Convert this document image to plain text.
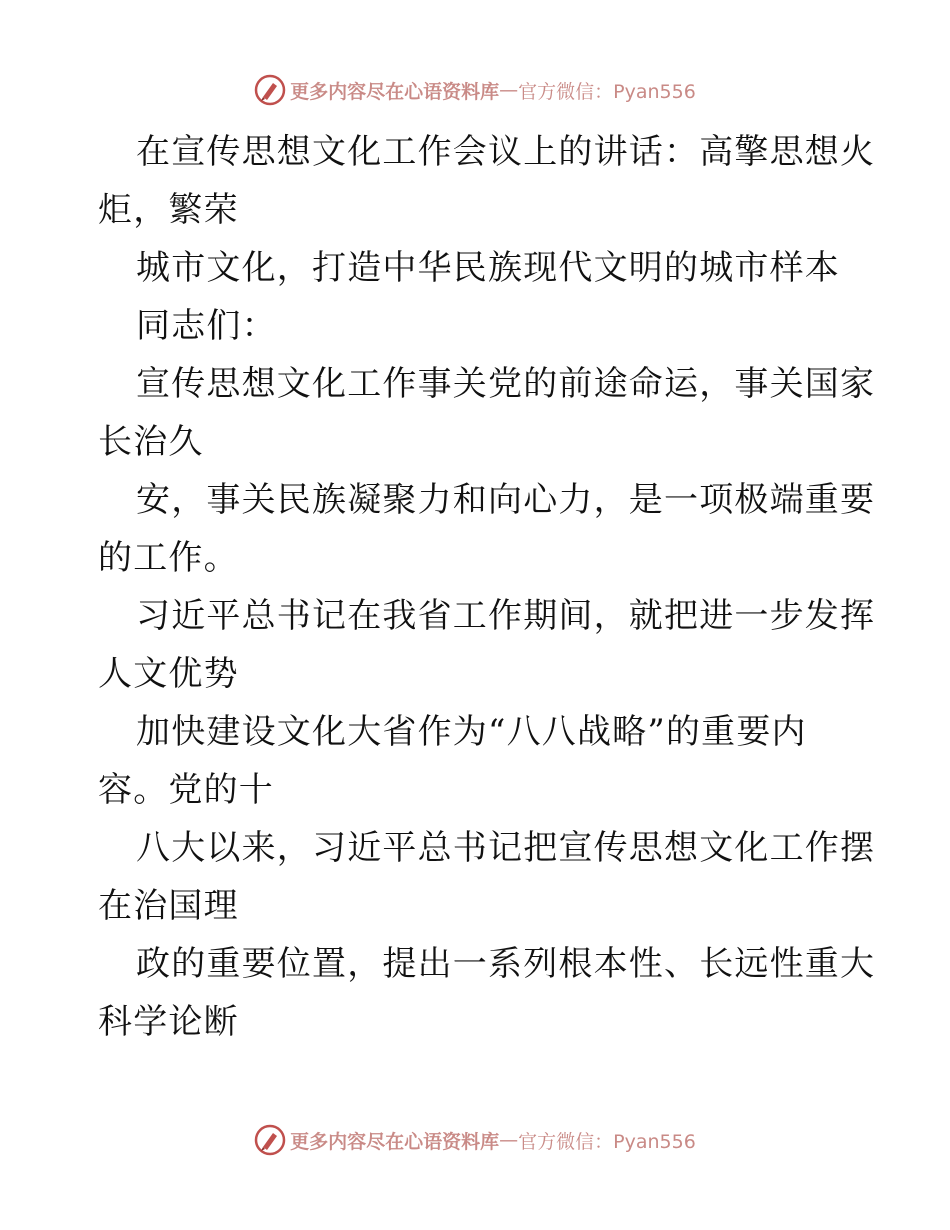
更多内容尽在心语资料库 — 官方微信：Pyan556
在宣传思想文化工作会议上的讲话：高擎思想火
炬，繁荣
城市文化，打造中华民族现代文明的城市样本
同志们：
宣传思想文化工作事关党的前途命运，事关国家
长治久
安，事关民族凝聚力和向心力，是一项极端重要
的工作。
习近平总书记在我省工作期间，就把进一步发挥
人文优势
加快建设文化大省作为“八八战略”的重要内
容。党的十
八大以来，习近平总书记把宣传思想文化工作摆
在治国理
政的重要位置，提出一系列根本性、长远性重大
科学论断
更多内容尽在心语资料库 — 官方微信：Pyan556
